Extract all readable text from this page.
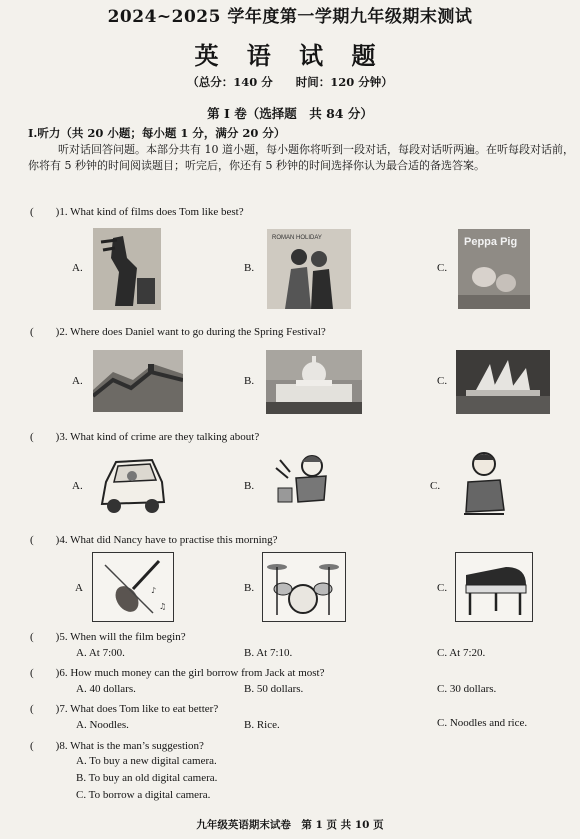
2024~2025 学年度第一学期九年级期末测试
英 语 试 题
（总分：140 分　　时间：120 分钟）
第 I 卷（选择题　共 84 分）
I.听力（共 20 小题；每小题 1 分，满分 20 分）
听对话回答问题。本部分共有 10 道小题，每小题你将听到一段对话，每段对话听两遍。在听每段对话前，你将有 5 秒钟的时间阅读题目；听完后，你还有 5 秒钟的时间选择你认为最合适的备选答案。
(　　)1. What kind of films does Tom like best?
A.	B.
ROMAN HOLIDAY
C.
Peppa Pig
(　　)2. Where does Daniel want to go during the Spring Festival?
A.	B.	C.
(　　)3. What kind of crime are they talking about?
A.	B.	C.
(　　)4. What did Nancy have to practise this morning?
A	♪
♫
B.	C.
(　　)5. When will the film begin?
A. At 7:00.	B. At 7:10.	C. At 7:20.
(　　)6. How much money can the girl borrow from Jack at most?
A. 40 dollars.	B. 50 dollars.	C. 30 dollars.
(　　)7. What does Tom like to eat better?
A. Noodles.	B. Rice.	C. Noodles and rice.
(　　)8. What is the man’s suggestion?
A. To buy a new digital camera.
B. To buy an old digital camera.
C. To borrow a digital camera.
九年级英语期末试卷　第 1 页 共 10 页
